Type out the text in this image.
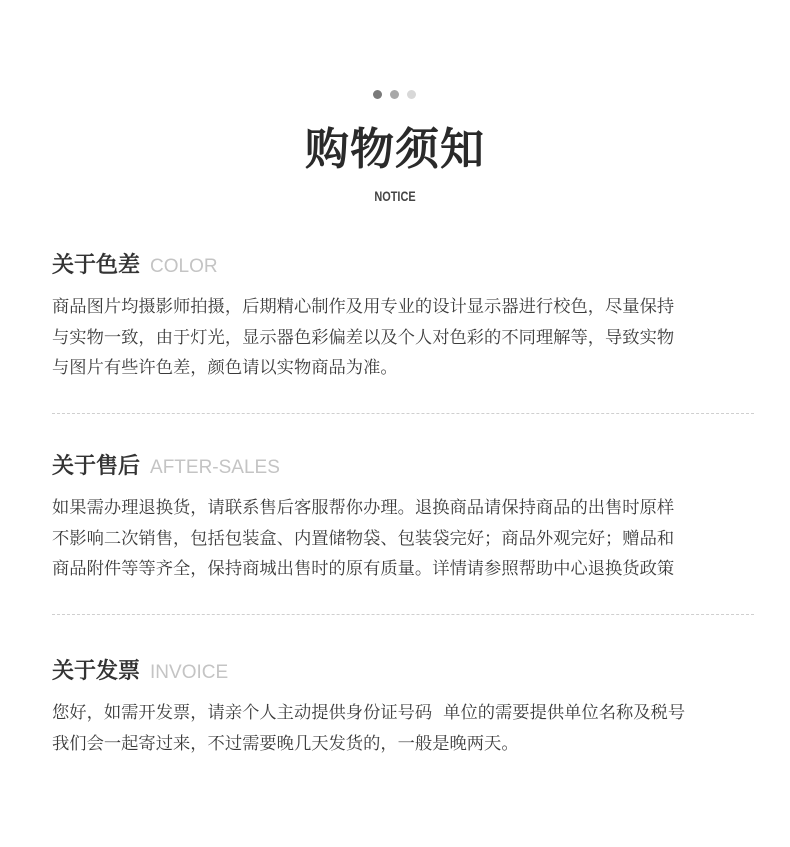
购物须知
NOTICE
关于色差 COLOR
商品图片均摄影师拍摄，后期精心制作及用专业的设计显示器进行校色，尽量保持
与实物一致，由于灯光，显示器色彩偏差以及个人对色彩的不同理解等，导致实物
与图片有些许色差，颜色请以实物商品为准。
关于售后 AFTER-SALES
如果需办理退换货，请联系售后客服帮你办理。退换商品请保持商品的出售时原样
不影响二次销售，包括包装盒、内置储物袋、包装袋完好；商品外观完好；赠品和
商品附件等等齐全，保持商城出售时的原有质量。详情请参照帮助中心退换货政策
关于发票 INVOICE
您好，如需开发票，请亲个人主动提供身份证号码  单位的需要提供单位名称及税号
我们会一起寄过来，不过需要晚几天发货的，一般是晚两天。
